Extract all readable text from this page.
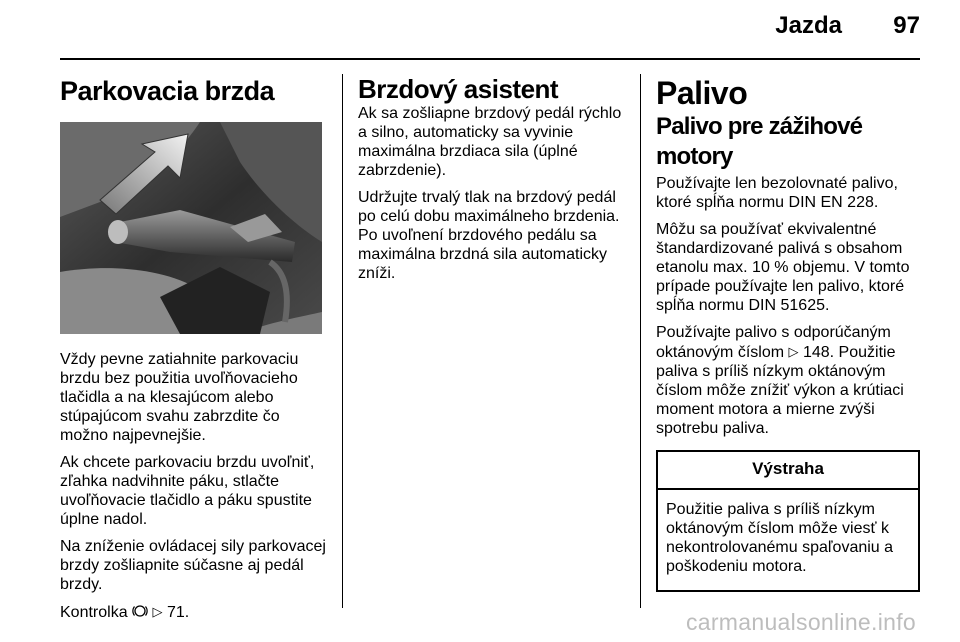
Jazda 97
Parkovacia brzda

Vždy pevne zatiahnite parkovaciu brzdu bez použitia uvoľňovacieho tlačidla a na klesajúcom alebo stúpajúcom svahu zabrzdite čo možno najpevnejšie.

Ak chcete parkovaciu brzdu uvoľniť, zľahka nadvihnite páku, stlačte uvoľňovacie tlačidlo a páku spustite úplne nadol.

Na zníženie ovládacej sily parkovacej brzdy zošliapnite súčasne aj pedál brzdy.

Kontrolka ▷ 71.

Brzdový asistent

Ak sa zošliapne brzdový pedál rýchlo a silno, automaticky sa vyvinie maximálna brzdiaca sila (úplné zabrzdenie).

Udržujte trvalý tlak na brzdový pedál po celú dobu maximálneho brzdenia. Po uvoľnení brzdového pedálu sa maximálna brzdná sila automaticky zníži.

Palivo
Palivo pre zážihové motory

Používajte len bezolovnaté palivo, ktoré spĺňa normu DIN EN 228.

Môžu sa používať ekvivalentné štandardizované palivá s obsahom etanolu max. 10 % objemu. V tomto prípade používajte len palivo, ktoré spĺňa normu DIN 51625.

Používajte palivo s odporúčaným oktánovým číslom ▷ 148. Použitie paliva s príliš nízkym oktánovým číslom môže znížiť výkon a krútiaci moment motora a mierne zvýši spotrebu paliva.

Výstraha

Použitie paliva s príliš nízkym oktánovým číslom môže viesť k nekontrolovanému spaľovaniu a poškodeniu motora.

carmanualsonline.info
